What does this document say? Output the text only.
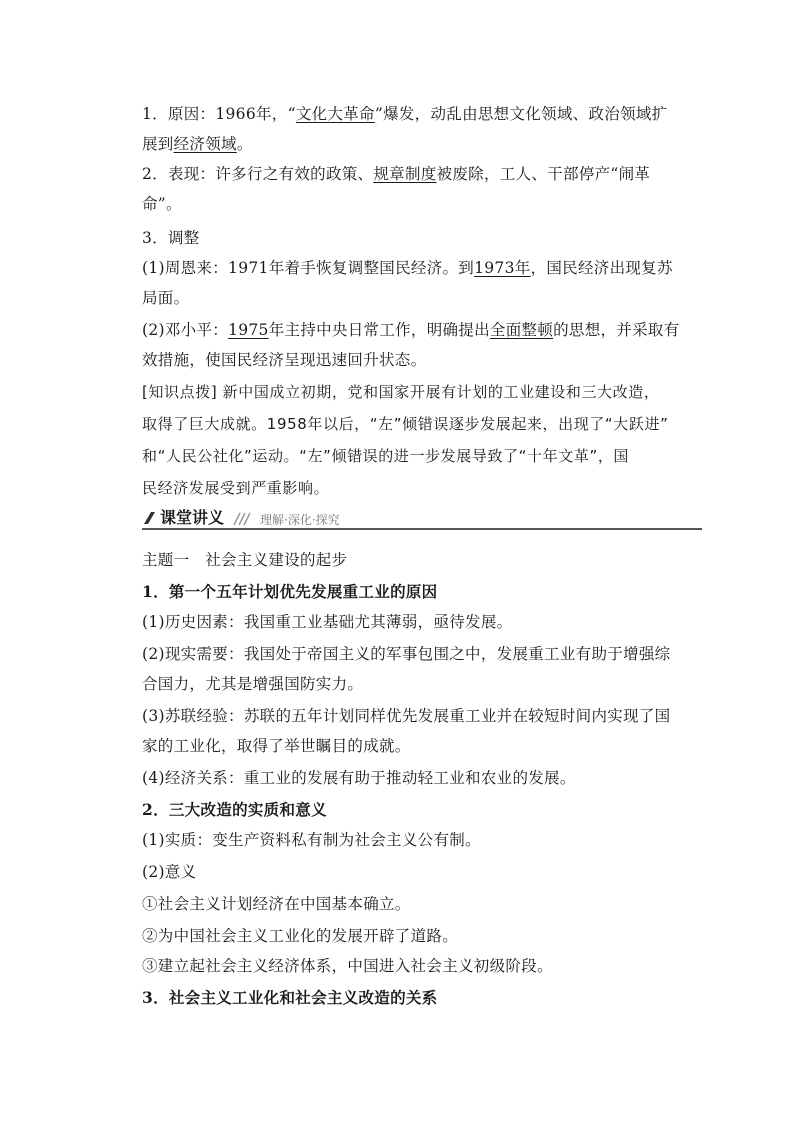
1．原因：1966年，“文化大革命”爆发，动乱由思想文化领域、政治领域扩
展到经济领域。
2．表现：许多行之有效的政策、规章制度被废除，工人、干部停产“闹革
命”。
3．调整
(1)周恩来：1971年着手恢复调整国民经济。到1973年，国民经济出现复苏
局面。
(2)邓小平：1975年主持中央日常工作，明确提出全面整顿的思想，并采取有
效措施，使国民经济呈现迅速回升状态。
[知识点拨] 新中国成立初期，党和国家开展有计划的工业建设和三大改造，
取得了巨大成就。1958年以后，“左”倾错误逐步发展起来，出现了“大跃进”
和“人民公社化”运动。“左”倾错误的进一步发展导致了“十年文革”，国
民经济发展受到严重影响。
课堂讲义	理解·深化·探究
主题一　社会主义建设的起步
1．第一个五年计划优先发展重工业的原因
(1)历史因素：我国重工业基础尤其薄弱，亟待发展。
(2)现实需要：我国处于帝国主义的军事包围之中，发展重工业有助于增强综
合国力，尤其是增强国防实力。
(3)苏联经验：苏联的五年计划同样优先发展重工业并在较短时间内实现了国
家的工业化，取得了举世瞩目的成就。
(4)经济关系：重工业的发展有助于推动轻工业和农业的发展。
2．三大改造的实质和意义
(1)实质：变生产资料私有制为社会主义公有制。
(2)意义
①社会主义计划经济在中国基本确立。
②为中国社会主义工业化的发展开辟了道路。
③建立起社会主义经济体系，中国进入社会主义初级阶段。
3．社会主义工业化和社会主义改造的关系
